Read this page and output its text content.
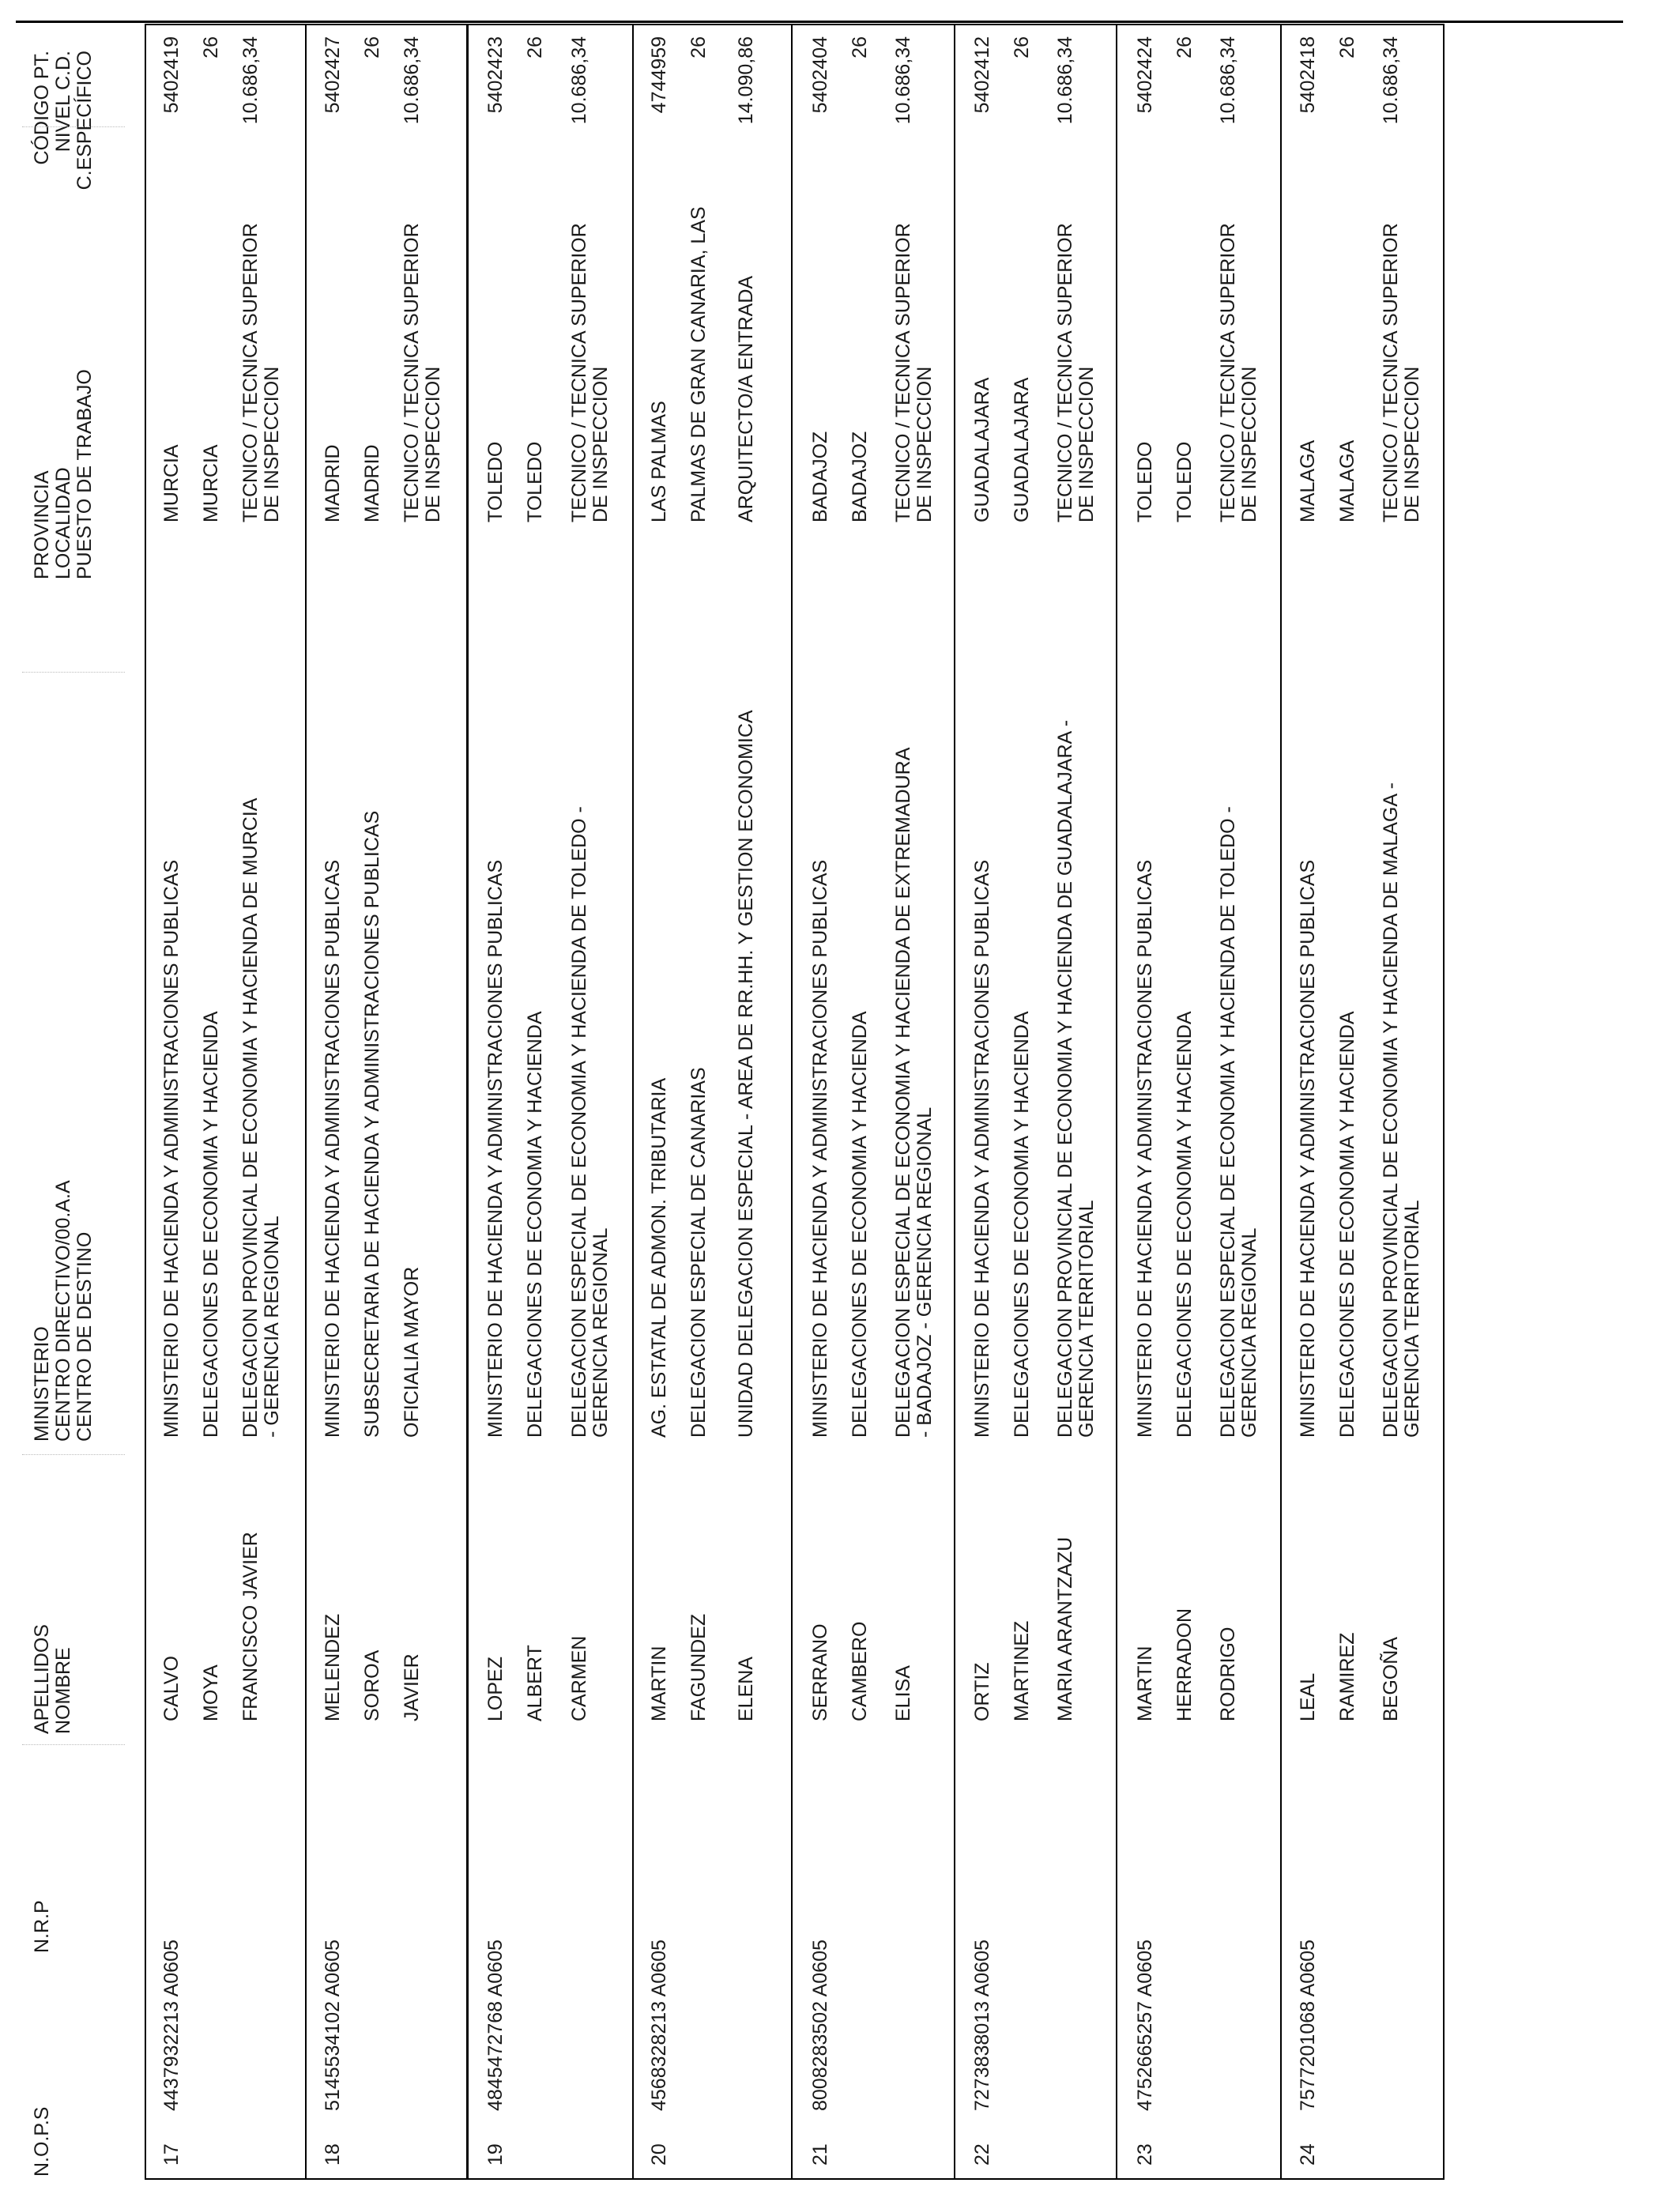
N.O.P.S
N.R.P
APELLIDOS NOMBRE
MINISTERIO CENTRO DIRECTIVO/00.A.A CENTRO DE DESTINO
PROVINCIA LOCALIDAD PUESTO DE TRABAJO
CÓDIGO PT. NIVEL C.D. C.ESPECÍFICO
17
4437932213 A0605
CALVO MOYA FRANCISCO JAVIER
MINISTERIO DE HACIENDA Y ADMINISTRACIONES PUBLICAS DELEGACIONES DE ECONOMIA Y HACIENDA DELEGACION PROVINCIAL DE ECONOMIA Y HACIENDA DE MURCIA - GERENCIA REGIONAL
MURCIA MURCIA TECNICO / TECNICA SUPERIOR DE INSPECCION
5402419 26 10.686,34
18
5145534102 A0605
MELENDEZ SOROA JAVIER
MINISTERIO DE HACIENDA Y ADMINISTRACIONES PUBLICAS SUBSECRETARIA DE HACIENDA Y ADMINISTRACIONES PUBLICAS OFICIALIA MAYOR
MADRID MADRID TECNICO / TECNICA SUPERIOR DE INSPECCION
5402427 26 10.686,34
19
4845472768 A0605
LOPEZ ALBERT CARMEN
MINISTERIO DE HACIENDA Y ADMINISTRACIONES PUBLICAS DELEGACIONES DE ECONOMIA Y HACIENDA DELEGACION ESPECIAL DE ECONOMIA Y HACIENDA DE TOLEDO - GERENCIA REGIONAL
TOLEDO TOLEDO TECNICO / TECNICA SUPERIOR DE INSPECCION
5402423 26 10.686,34
20
4568328213 A0605
MARTIN FAGUNDEZ ELENA
AG. ESTATAL DE ADMON. TRIBUTARIA DELEGACION ESPECIAL DE CANARIAS UNIDAD DELEGACION ESPECIAL - AREA DE RR.HH. Y GESTION ECONOMICA
LAS PALMAS PALMAS DE GRAN CANARIA, LAS ARQUITECTO/A ENTRADA
4744959 26 14.090,86
21
8008283502 A0605
SERRANO CAMBERO ELISA
MINISTERIO DE HACIENDA Y ADMINISTRACIONES PUBLICAS DELEGACIONES DE ECONOMIA Y HACIENDA DELEGACION ESPECIAL DE ECONOMIA Y HACIENDA DE EXTREMADURA - BADAJOZ - GERENCIA REGIONAL
BADAJOZ BADAJOZ TECNICO / TECNICA SUPERIOR DE INSPECCION
5402404 26 10.686,34
22
7273838013 A0605
ORTIZ MARTINEZ MARIA ARANTZAZU
MINISTERIO DE HACIENDA Y ADMINISTRACIONES PUBLICAS DELEGACIONES DE ECONOMIA Y HACIENDA DELEGACION PROVINCIAL DE ECONOMIA Y HACIENDA DE GUADALAJARA - GERENCIA TERRITORIAL
GUADALAJARA GUADALAJARA TECNICO / TECNICA SUPERIOR DE INSPECCION
5402412 26 10.686,34
23
4752665257 A0605
MARTIN HERRADON RODRIGO
MINISTERIO DE HACIENDA Y ADMINISTRACIONES PUBLICAS DELEGACIONES DE ECONOMIA Y HACIENDA DELEGACION ESPECIAL DE ECONOMIA Y HACIENDA DE TOLEDO - GERENCIA REGIONAL
TOLEDO TOLEDO TECNICO / TECNICA SUPERIOR DE INSPECCION
5402424 26 10.686,34
24
7577201068 A0605
LEAL RAMIREZ BEGOÑA
MINISTERIO DE HACIENDA Y ADMINISTRACIONES PUBLICAS DELEGACIONES DE ECONOMIA Y HACIENDA DELEGACION PROVINCIAL DE ECONOMIA Y HACIENDA DE MALAGA - GERENCIA TERRITORIAL
MALAGA MALAGA TECNICO / TECNICA SUPERIOR DE INSPECCION
5402418 26 10.686,34
